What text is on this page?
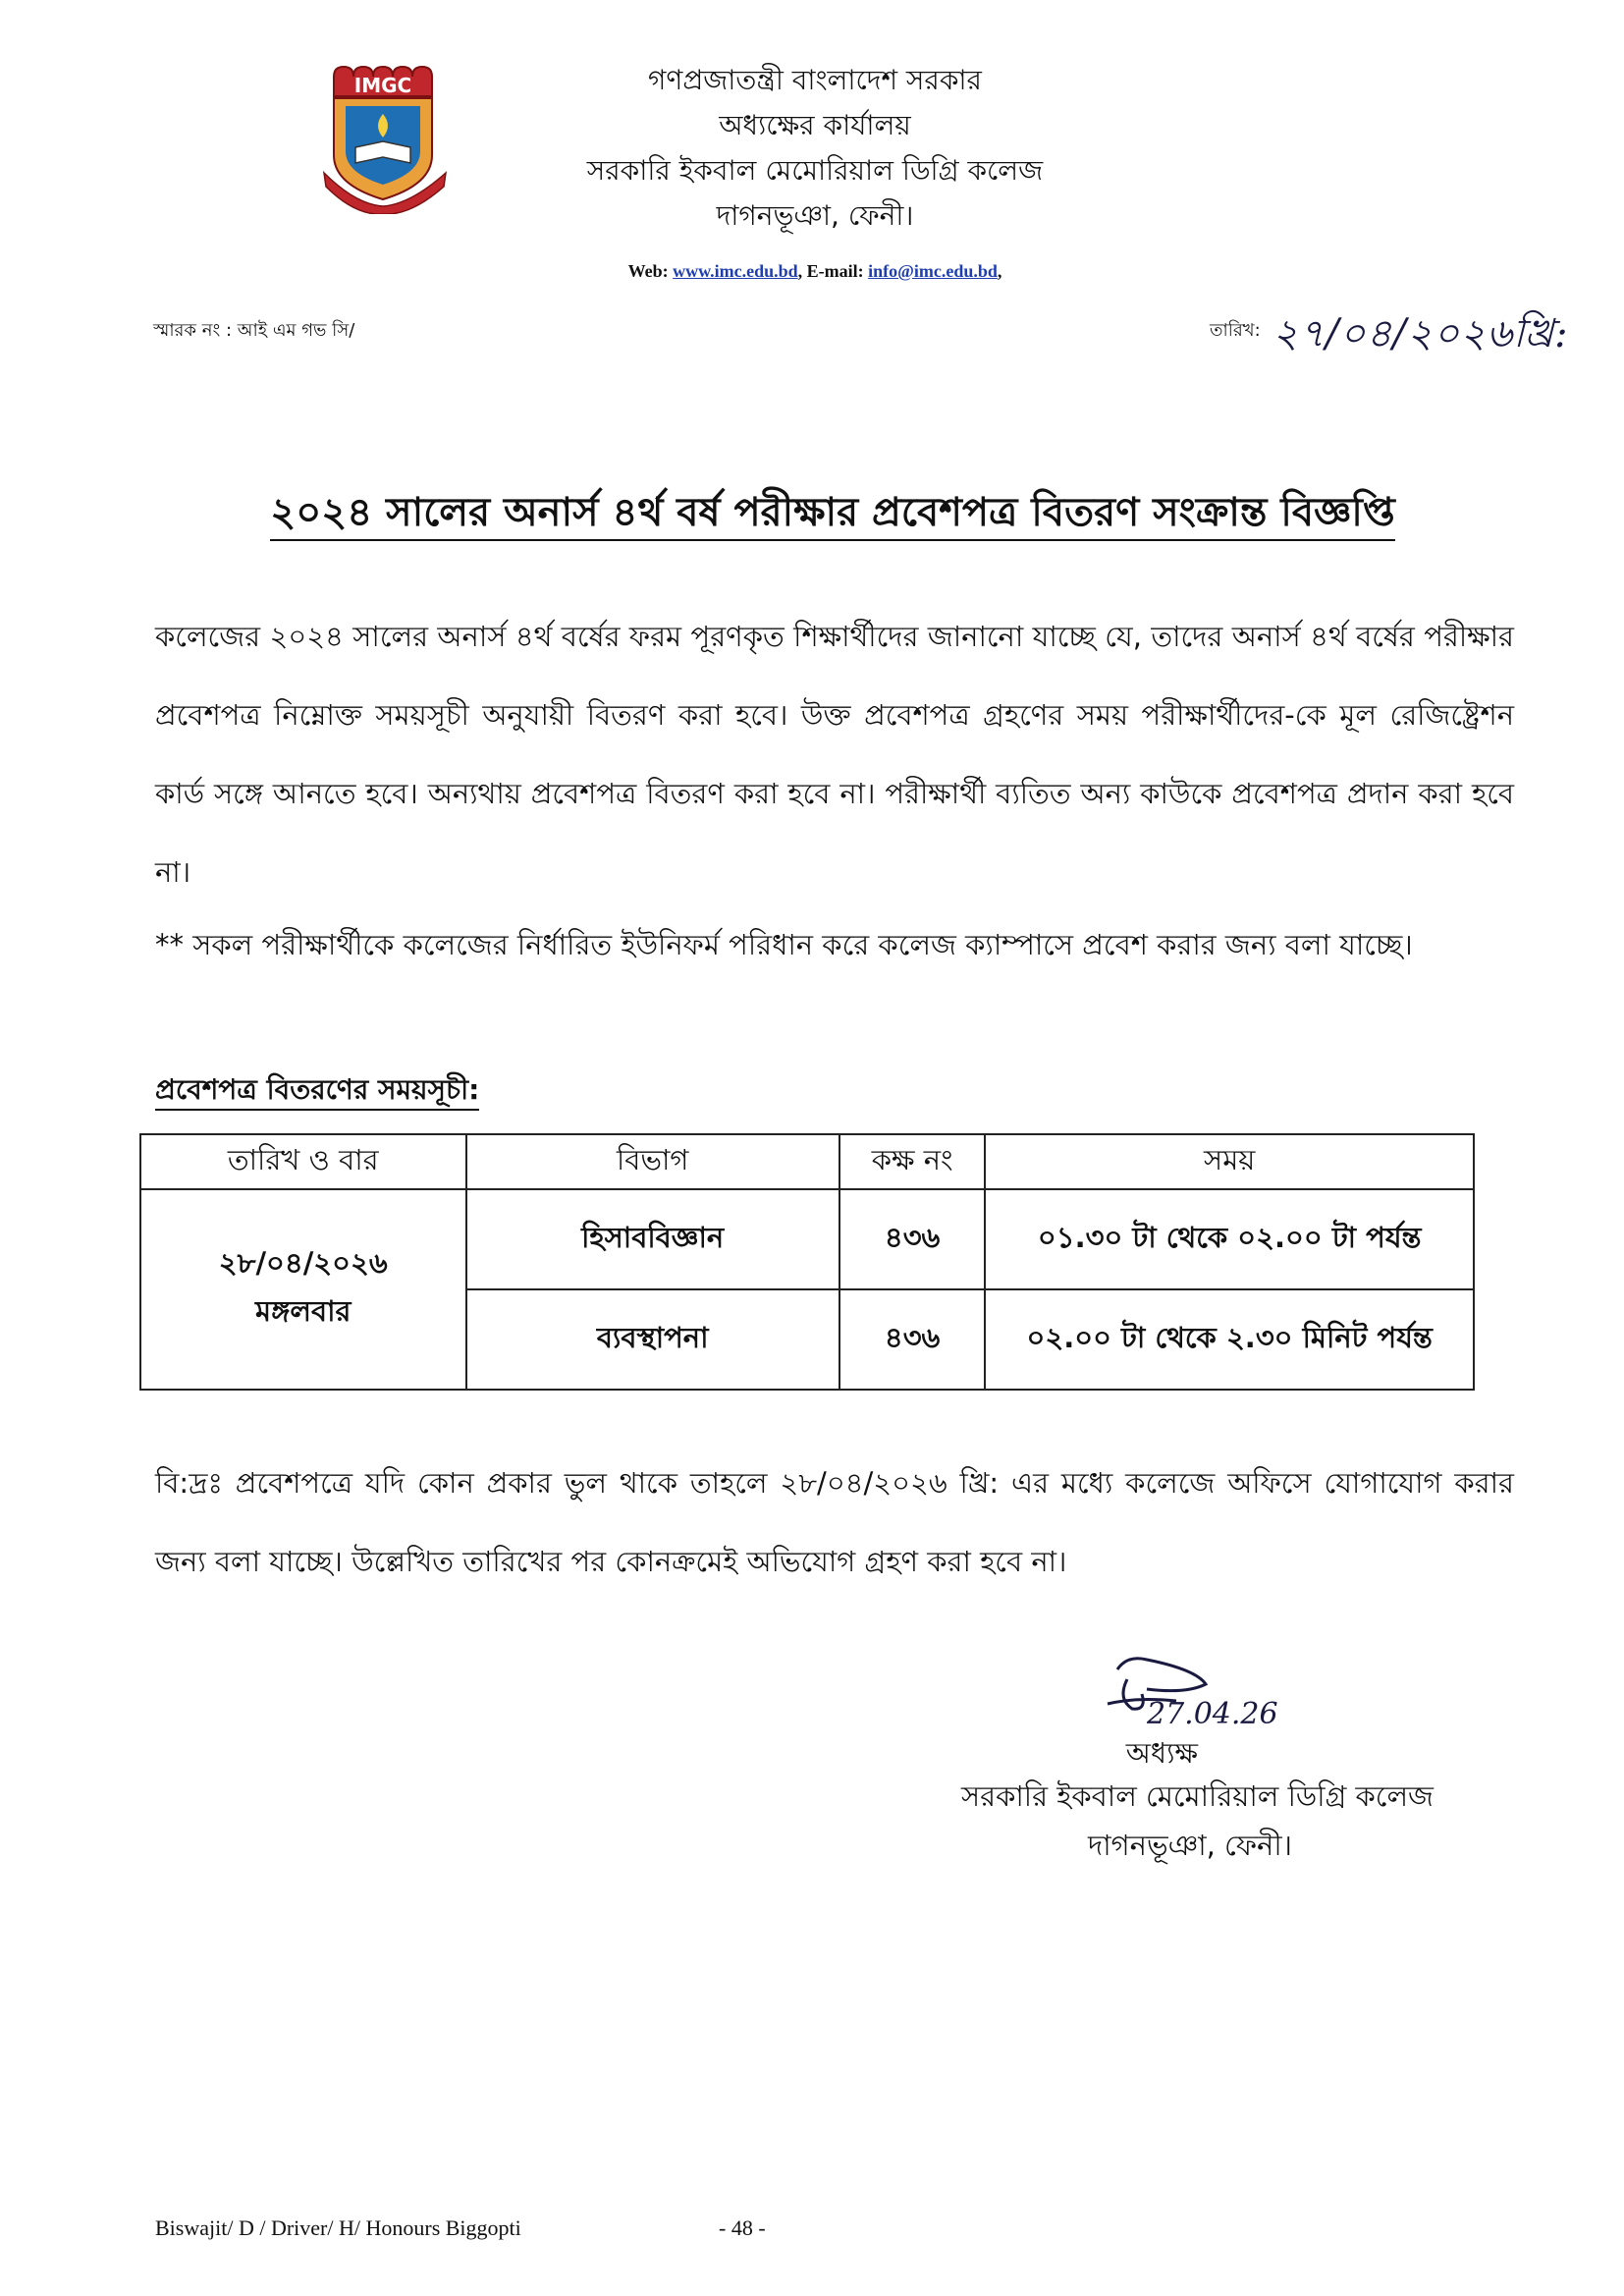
IMGC	গণপ্রজাতন্ত্রী বাংলাদেশ সরকার
অধ্যক্ষের কার্যালয়
সরকারি ইকবাল মেমোরিয়াল ডিগ্রি কলেজ
দাগনভূঞা, ফেনী।
Web: www.imc.edu.bd, E-mail: info@imc.edu.bd,
স্মারক নং : আই এম গভ সি/	তারিখ: ২৭/০৪/২০২৬খ্রি:
২০২৪ সালের অনার্স ৪র্থ বর্ষ পরীক্ষার প্রবেশপত্র বিতরণ সংক্রান্ত বিজ্ঞপ্তি
কলেজের ২০২৪ সালের অনার্স ৪র্থ বর্ষের ফরম পূরণকৃত শিক্ষার্থীদের জানানো যাচ্ছে যে, তাদের অনার্স ৪র্থ বর্ষের পরীক্ষার প্রবেশপত্র নিম্নোক্ত সময়সূচী অনুযায়ী বিতরণ করা হবে। উক্ত প্রবেশপত্র গ্রহণের সময় পরীক্ষার্থীদের-কে মূল রেজিষ্ট্রেশন কার্ড সঙ্গে আনতে হবে। অন্যথায় প্রবেশপত্র বিতরণ করা হবে না। পরীক্ষার্থী ব্যতিত অন্য কাউকে প্রবেশপত্র প্রদান করা হবে না।
** সকল পরীক্ষার্থীকে কলেজের নির্ধারিত ইউনিফর্ম পরিধান করে কলেজ ক্যাম্পাসে প্রবেশ করার জন্য বলা যাচ্ছে।
প্রবেশপত্র বিতরণের সময়সূচী:
তারিখ ও বার	বিভাগ	কক্ষ নং	সময়

২৮/০৪/২০২৬
মঙ্গলবার	হিসাববিজ্ঞান	৪৩৬	০১.৩০ টা থেকে ০২.০০ টা পর্যন্ত
	ব্যবস্থাপনা	৪৩৬	০২.০০ টা থেকে ২.৩০ মিনিট পর্যন্ত
বি:দ্রঃ প্রবেশপত্রে যদি কোন প্রকার ভুল থাকে তাহলে ২৮/০৪/২০২৬ খ্রি: এর মধ্যে কলেজে অফিসে যোগাযোগ করার জন্য বলা যাচ্ছে। উল্লেখিত তারিখের পর কোনক্রমেই অভিযোগ গ্রহণ করা হবে না।
27.04.26
অধ্যক্ষ
সরকারি ইকবাল মেমোরিয়াল ডিগ্রি কলেজ
দাগনভূঞা, ফেনী।
Biswajit/ D / Driver/ H/ Honours Biggopti	- 48 -
